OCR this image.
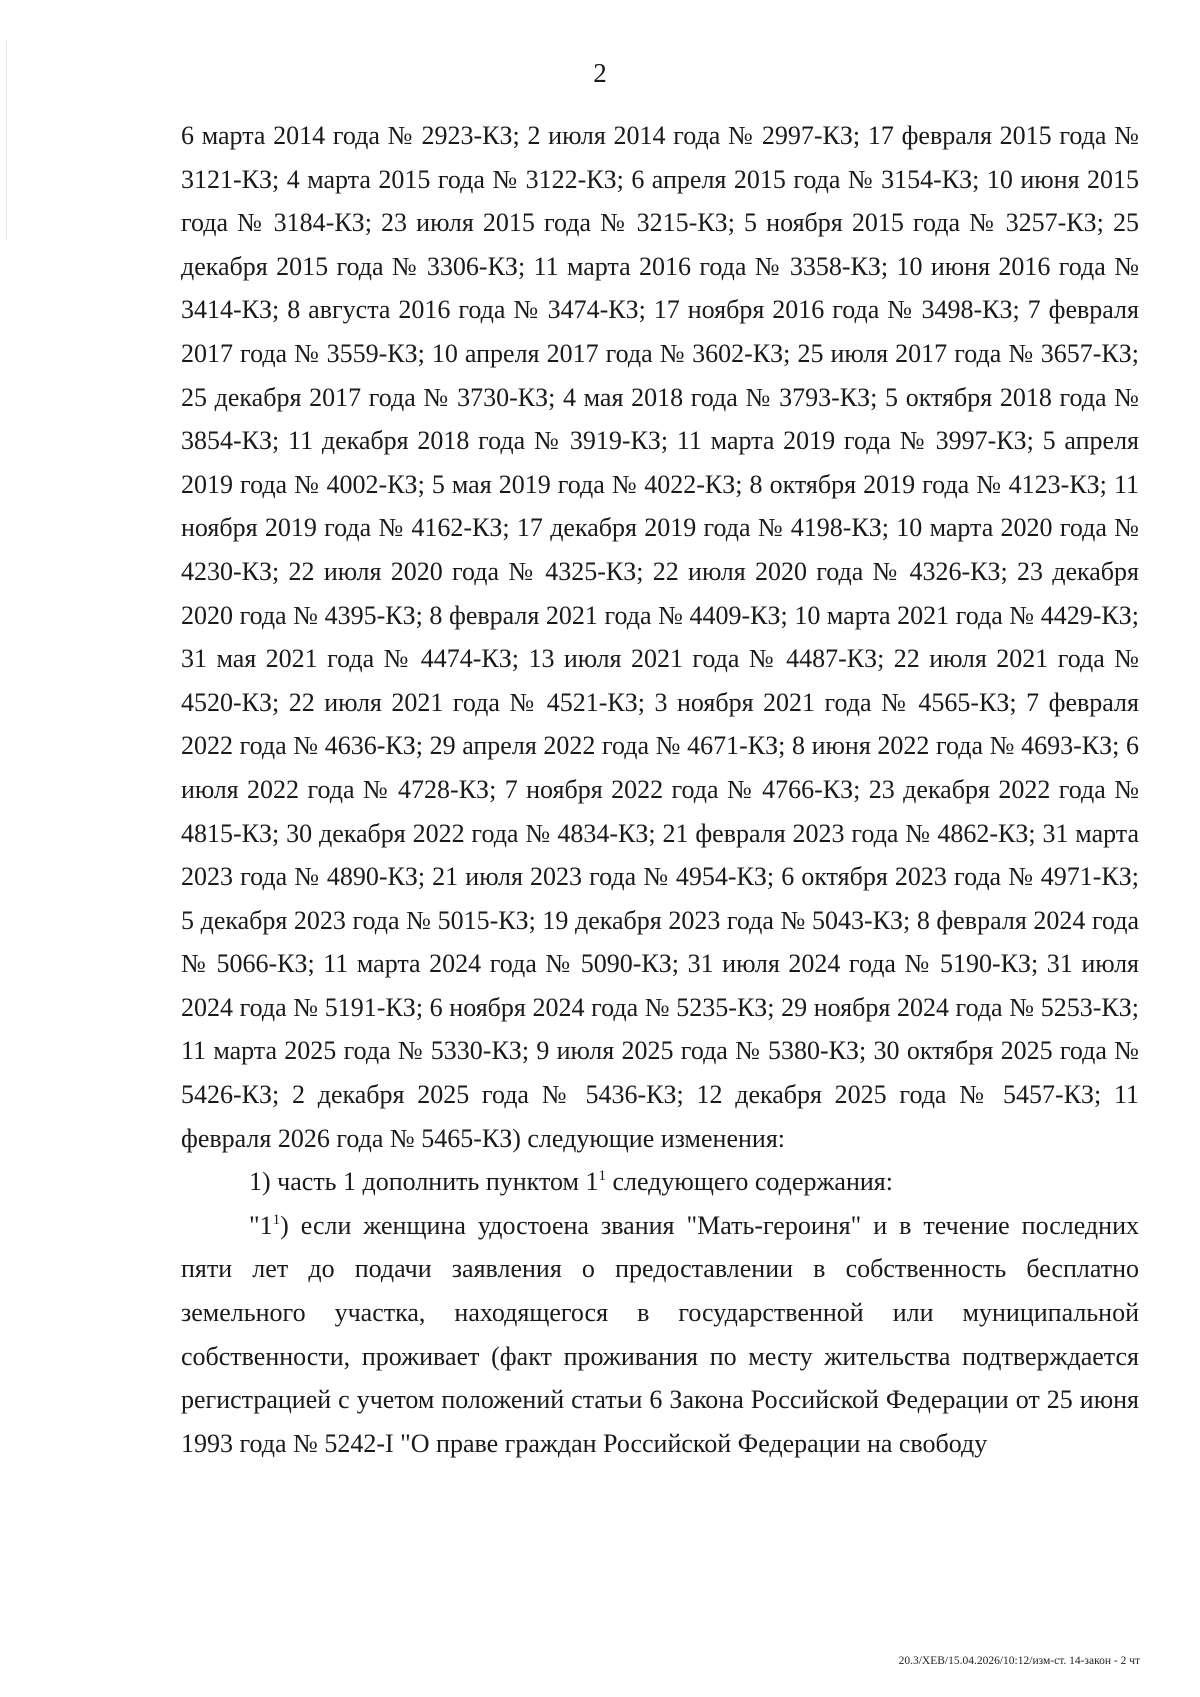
2

6 марта 2014 года № 2923-КЗ; 2 июля 2014 года № 2997-КЗ; 17 февраля 2015 года № 3121-КЗ; 4 марта 2015 года № 3122-КЗ; 6 апреля 2015 года № 3154-КЗ; 10 июня 2015 года № 3184-КЗ; 23 июля 2015 года № 3215-КЗ; 5 ноября 2015 года № 3257-КЗ; 25 декабря 2015 года № 3306-КЗ; 11 марта 2016 года № 3358-КЗ; 10 июня 2016 года № 3414-КЗ; 8 августа 2016 года № 3474-КЗ; 17 ноября 2016 года № 3498-КЗ; 7 февраля 2017 года № 3559-КЗ; 10 апреля 2017 года № 3602-КЗ; 25 июля 2017 года № 3657-КЗ; 25 декабря 2017 года № 3730-КЗ; 4 мая 2018 года № 3793-КЗ; 5 октября 2018 года № 3854-КЗ; 11 декабря 2018 года № 3919-КЗ; 11 марта 2019 года № 3997-КЗ; 5 апреля 2019 года № 4002-КЗ; 5 мая 2019 года № 4022-КЗ; 8 октября 2019 года № 4123-КЗ; 11 ноября 2019 года № 4162-КЗ; 17 декабря 2019 года № 4198-КЗ; 10 марта 2020 года № 4230-КЗ; 22 июля 2020 года № 4325-КЗ; 22 июля 2020 года № 4326-КЗ; 23 декабря 2020 года № 4395-КЗ; 8 февраля 2021 года № 4409-КЗ; 10 марта 2021 года № 4429-КЗ; 31 мая 2021 года № 4474-КЗ; 13 июля 2021 года № 4487-КЗ; 22 июля 2021 года № 4520-КЗ; 22 июля 2021 года № 4521-КЗ; 3 ноября 2021 года № 4565-КЗ; 7 февраля 2022 года № 4636-КЗ; 29 апреля 2022 года № 4671-КЗ; 8 июня 2022 года № 4693-КЗ; 6 июля 2022 года № 4728-КЗ; 7 ноября 2022 года № 4766-КЗ; 23 декабря 2022 года № 4815-КЗ; 30 декабря 2022 года № 4834-КЗ; 21 февраля 2023 года № 4862-КЗ; 31 марта 2023 года № 4890-КЗ; 21 июля 2023 года № 4954-КЗ; 6 октября 2023 года № 4971-КЗ; 5 декабря 2023 года № 5015-КЗ; 19 декабря 2023 года № 5043-КЗ; 8 февраля 2024 года № 5066-КЗ; 11 марта 2024 года № 5090-КЗ; 31 июля 2024 года № 5190-КЗ; 31 июля 2024 года № 5191-КЗ; 6 ноября 2024 года № 5235-КЗ; 29 ноября 2024 года № 5253-КЗ; 11 марта 2025 года № 5330-КЗ; 9 июля 2025 года № 5380-КЗ; 30 октября 2025 года № 5426-КЗ; 2 декабря 2025 года № 5436-КЗ; 12 декабря 2025 года № 5457-КЗ; 11 февраля 2026 года № 5465-КЗ) следующие изменения:

1) часть 1 дополнить пунктом $1^1$ следующего содержания:

"$1^1$) если женщина удостоена звания "Мать-героиня" и в течение последних пяти лет до подачи заявления о предоставлении в собственность бесплатно земельного участка, находящегося в государственной или муниципальной собственности, проживает (факт проживания по месту жительства подтверждается регистрацией с учетом положений статьи 6 Закона Российской Федерации от 25 июня 1993 года № 5242-I "О праве граждан Российской Федерации на свободу

20.3/ХЕВ/15.04.2026/10:12/изм-ст. 14-закон - 2 чт
